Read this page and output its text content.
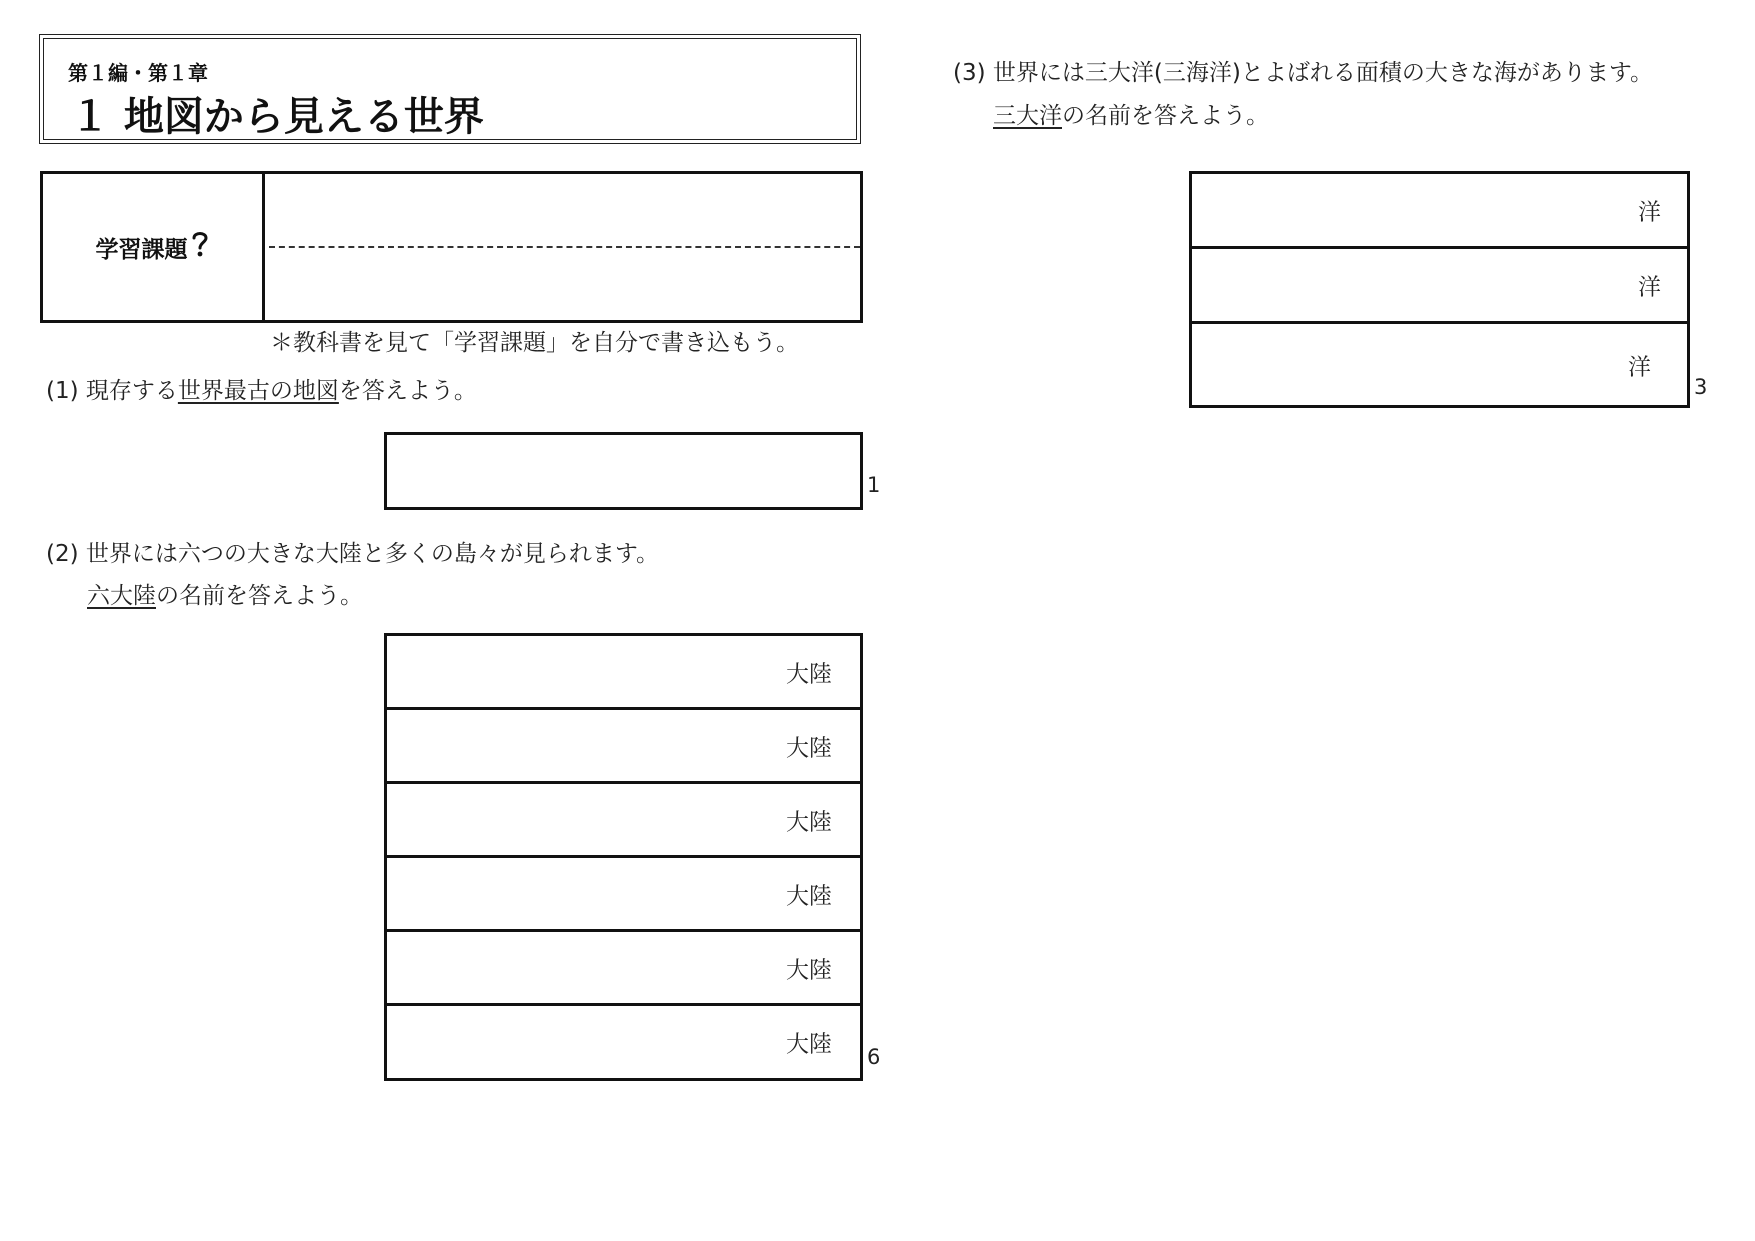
第１編・第１章
１ 地図から見える世界
学習課題
＊教科書を見て「学習課題」を自分で書き込もう。
(1) 現存する世界最古の地図を答えよう。
1
(2) 世界には六つの大きな大陸と多くの島々が見られます。
六大陸の名前を答えよう。
大陸
大陸
大陸
大陸
大陸
大陸 6
(3) 世界には三大洋(三海洋)とよばれる面積の大きな海があります。
三大洋の名前を答えよう。
洋
洋
洋
3
